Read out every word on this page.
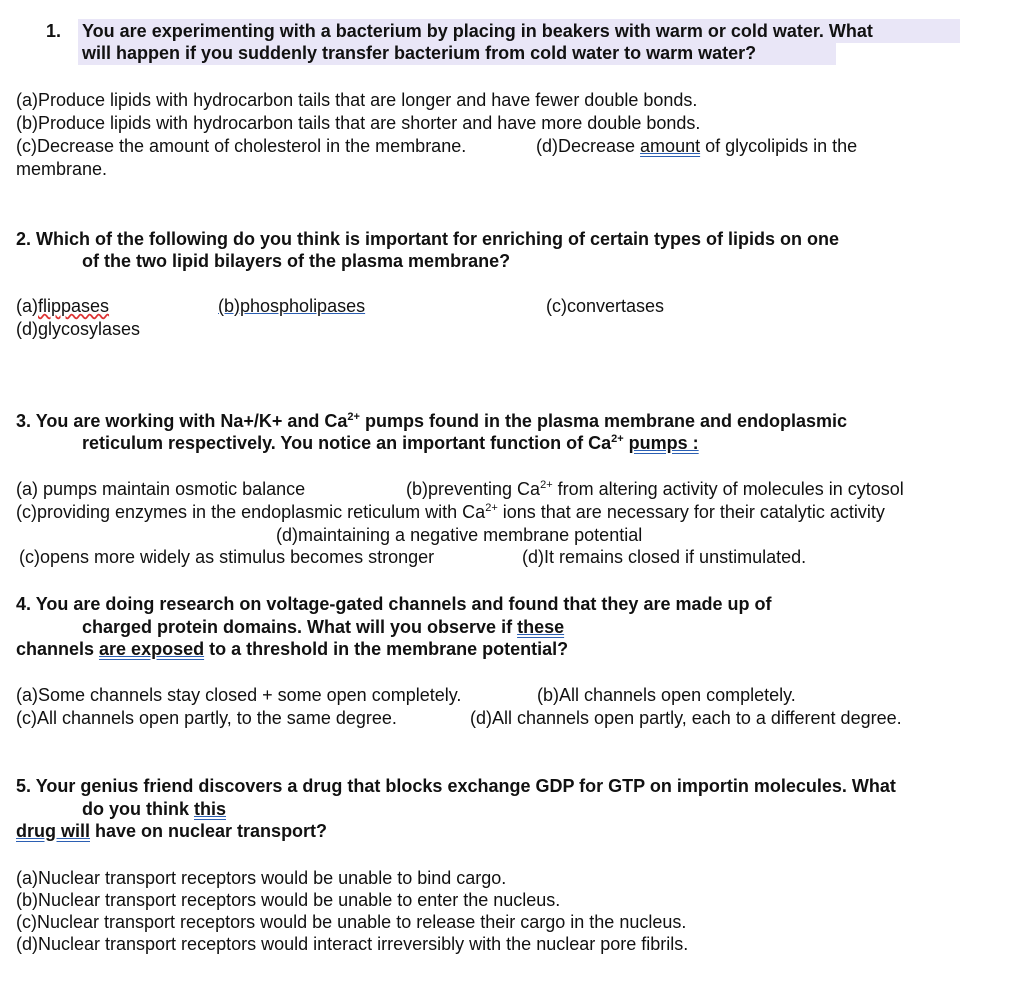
1. You are experimenting with a bacterium by placing in beakers with warm or cold water. What
will happen if you suddenly transfer bacterium from cold water to warm water?
(a)Produce lipids with hydrocarbon tails that are longer and have fewer double bonds.
(b)Produce lipids with hydrocarbon tails that are shorter and have more double bonds.
(c)Decrease the amount of cholesterol in the membrane.	(d)Decrease amount of glycolipids in the
membrane.
2. Which of the following do you think is important for enriching of certain types of lipids on one
of the two lipid bilayers of the plasma membrane?
(a)flippases	(b)phospholipases	(c)convertases
(d)glycosylases
3. You are working with Na+/K+ and $Ca^{2+}$ pumps found in the plasma membrane and endoplasmic
reticulum respectively. You notice an important function of $Ca^{2+}$ pumps :
(a) pumps maintain osmotic balance	(b)preventing $Ca^{2+}$ from altering activity of molecules in cytosol
(c)providing enzymes in the endoplasmic reticulum with $Ca^{2+}$ ions that are necessary for their catalytic activity
(d)maintaining a negative membrane potential
(c)opens more widely as stimulus becomes stronger	(d)It remains closed if unstimulated.
4. You are doing research on voltage-gated channels and found that they are made up of
charged protein domains. What will you observe if these
channels are exposed to a threshold in the membrane potential?
(a)Some channels stay closed + some open completely.	(b)All channels open completely.
(c)All channels open partly, to the same degree.	(d)All channels open partly, each to a different degree.
5. Your genius friend discovers a drug that blocks exchange GDP for GTP on importin molecules. What
do you think this
drug will have on nuclear transport?
(a)Nuclear transport receptors would be unable to bind cargo.
(b)Nuclear transport receptors would be unable to enter the nucleus.
(c)Nuclear transport receptors would be unable to release their cargo in the nucleus.
(d)Nuclear transport receptors would interact irreversibly with the nuclear pore fibrils.
